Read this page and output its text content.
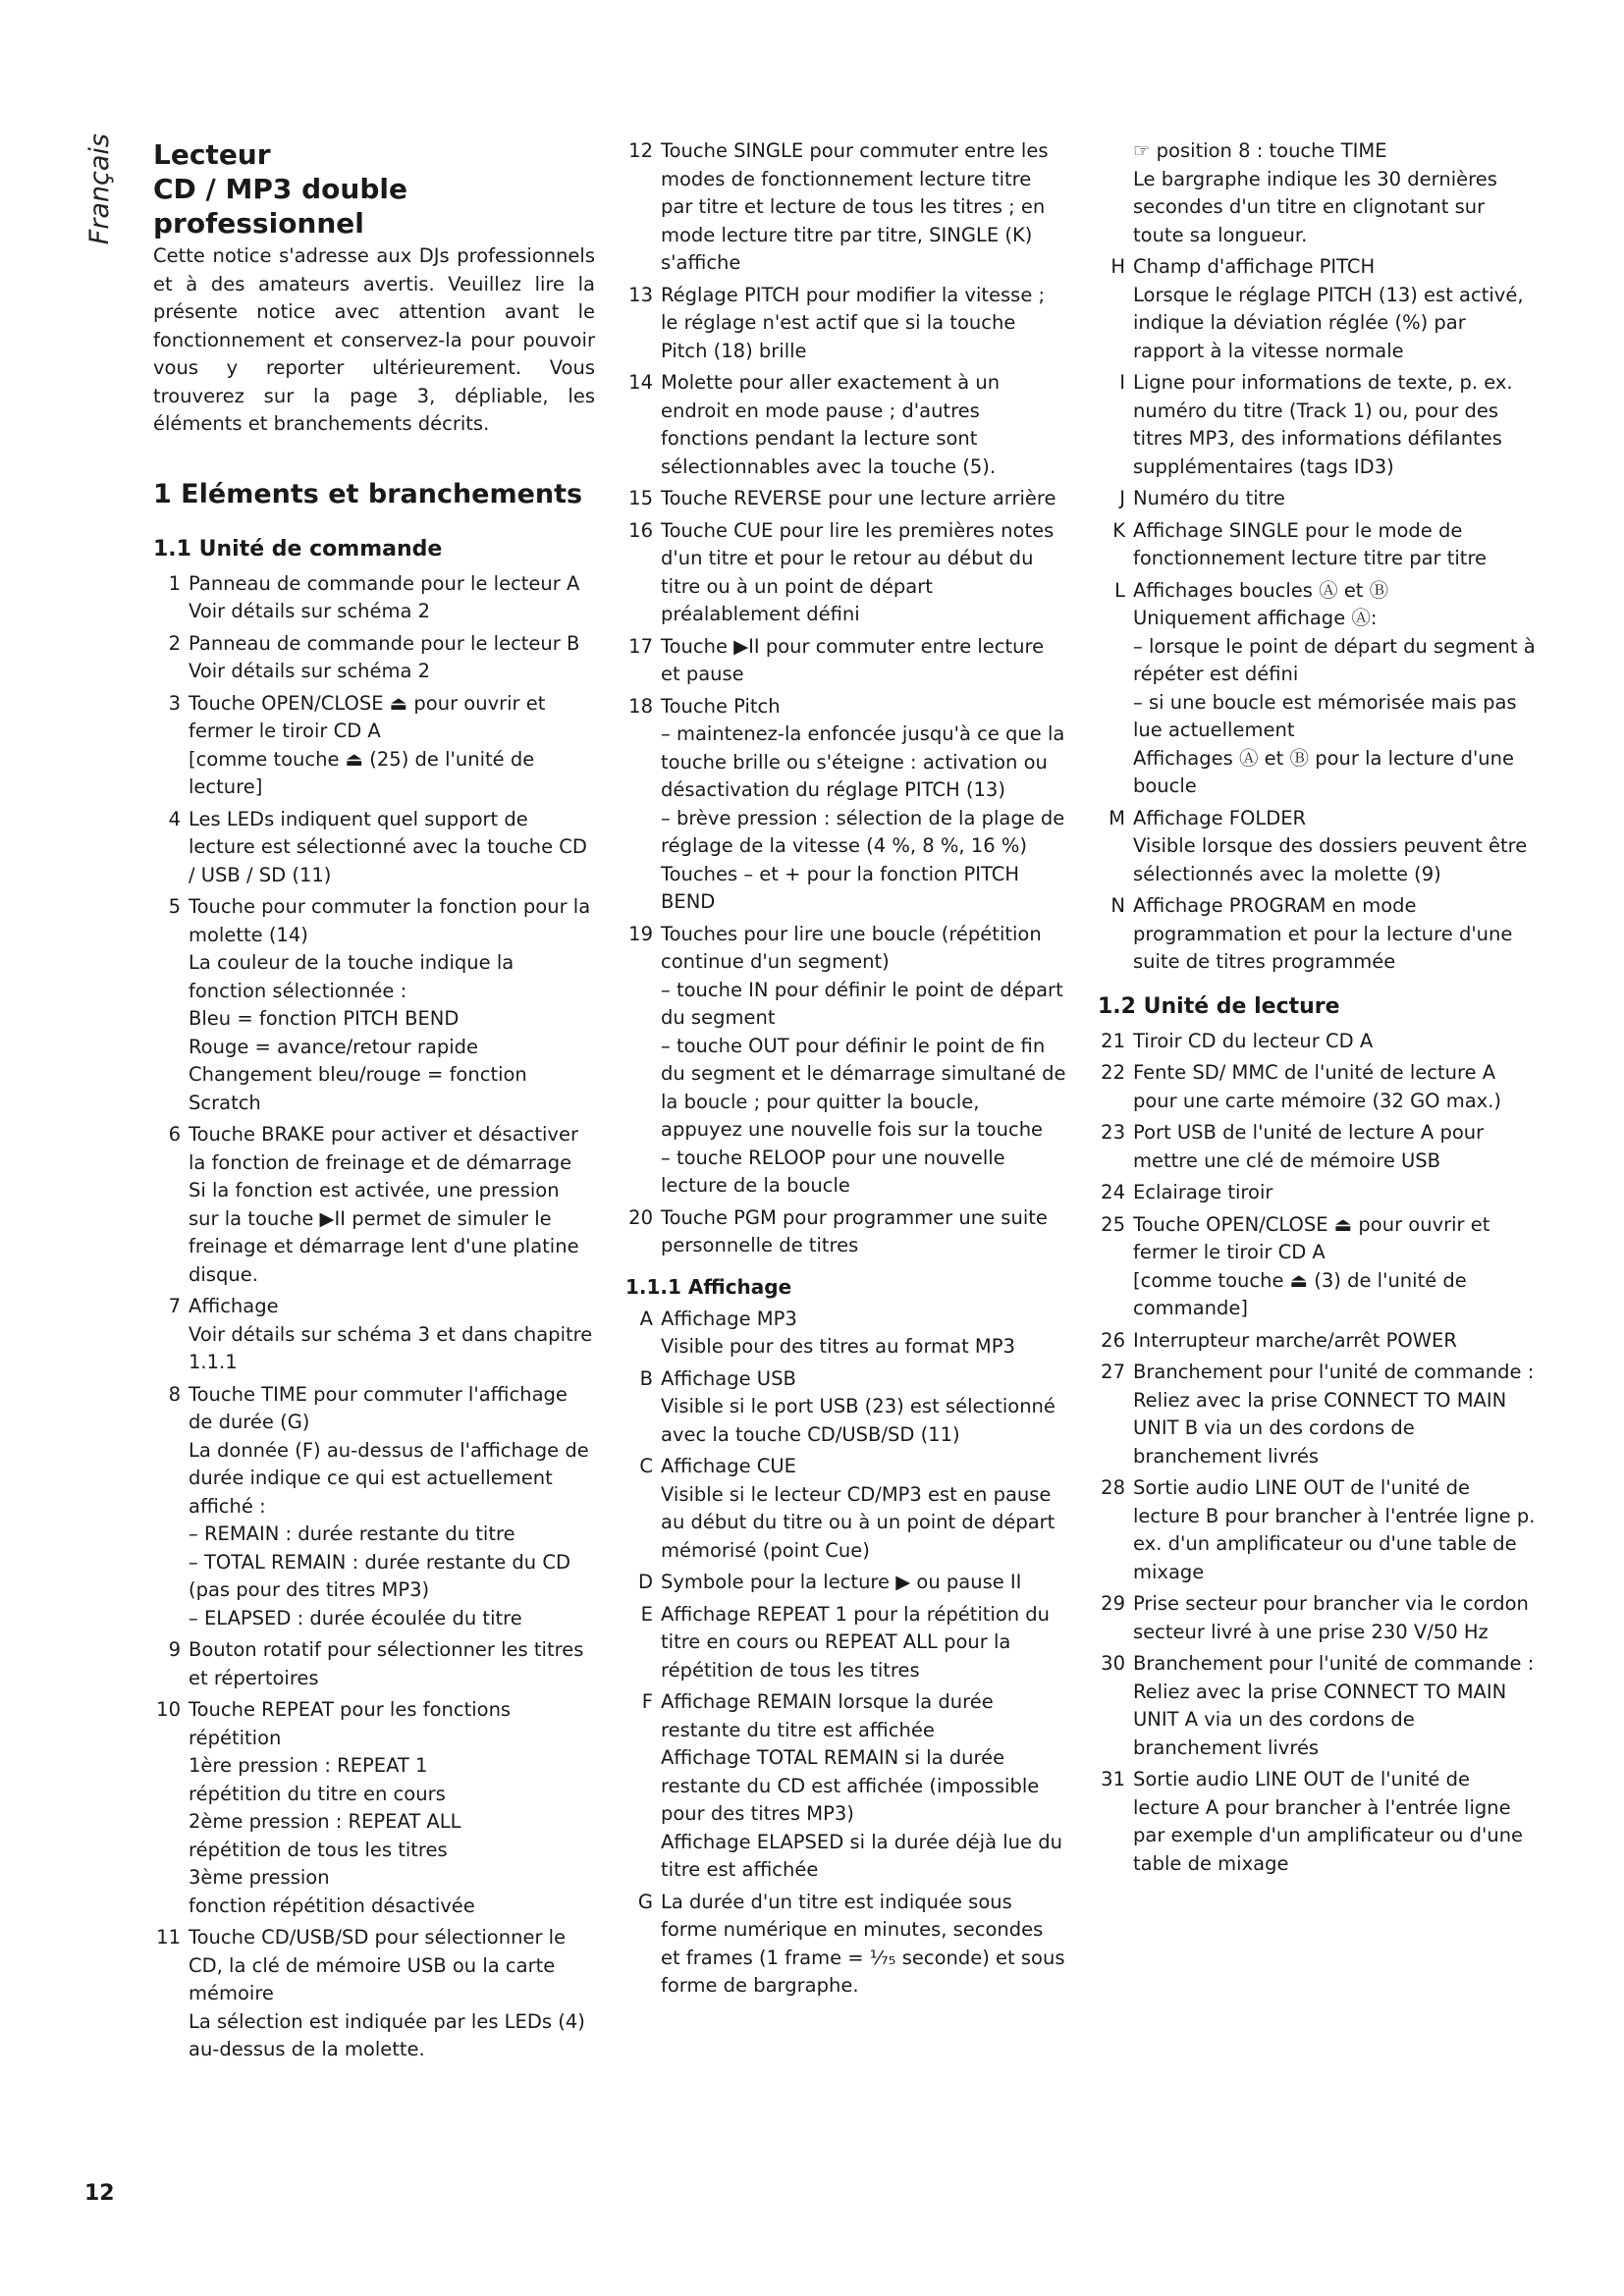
Français Lecteur
CD / MP3 double professionnel

Cette notice s'adresse aux DJs professionnels et à des amateurs avertis. Veuillez lire la présente notice avec attention avant le fonctionnement et conservez-la pour pouvoir vous y reporter ultérieurement. Vous trouverez sur la page 3, dépliable, les éléments et branchements décrits.

1 Eléments et branchements
1.1 Unité de commande
1 Panneau de commande pour le lecteur A
Voir détails sur schéma 2
2 Panneau de commande pour le lecteur B
Voir détails sur schéma 2
3 Touche OPEN/CLOSE ⏏ pour ouvrir et fermer le tiroir CD A
[comme touche ⏏ (25) de l'unité de lecture]
4 Les LEDs indiquent quel support de lecture est sélectionné avec la touche CD / USB / SD (11)
5 Touche pour commuter la fonction pour la molette (14)
La couleur de la touche indique la fonction sélectionnée :
Bleu = fonction PITCH BEND
Rouge = avance/retour rapide
Changement bleu/rouge = fonction Scratch
6 Touche BRAKE pour activer et désactiver la fonction de freinage et de démarrage
Si la fonction est activée, une pression sur la touche ▶II permet de simuler le freinage et démarrage lent d'une platine disque.
7 Affichage
Voir détails sur schéma 3 et dans chapitre 1.1.1
8 Touche TIME pour commuter l'affichage de durée (G)
La donnée (F) au-dessus de l'affichage de durée indique ce qui est actuellement affiché :
– REMAIN : durée restante du titre
– TOTAL REMAIN : durée restante du CD (pas pour des titres MP3)
– ELAPSED : durée écoulée du titre
9 Bouton rotatif pour sélectionner les titres et répertoires
10 Touche REPEAT pour les fonctions répétition
1ère pression : REPEAT 1
répétition du titre en cours
2ème pression : REPEAT ALL
répétition de tous les titres
3ème pression
fonction répétition désactivée
11 Touche CD/USB/SD pour sélectionner le CD, la clé de mémoire USB ou la carte mémoire
La sélection est indiquée par les LEDs (4) au-dessus de la molette.
12 Touche SINGLE pour commuter entre les modes de fonctionnement lecture titre par titre et lecture de tous les titres ; en mode lecture titre par titre, SINGLE (K) s'affiche
13 Réglage PITCH pour modifier la vitesse ; le réglage n'est actif que si la touche Pitch (18) brille
14 Molette pour aller exactement à un endroit en mode pause ; d'autres fonctions pendant la lecture sont sélectionnables avec la touche (5).
15 Touche REVERSE pour une lecture arrière
16 Touche CUE pour lire les premières notes d'un titre et pour le retour au début du titre ou à un point de départ préalablement défini
17 Touche ▶II pour commuter entre lecture et pause
18 Touche Pitch
– maintenez-la enfoncée jusqu'à ce que la touche brille ou s'éteigne : activation ou désactivation du réglage PITCH (13)
– brève pression : sélection de la plage de réglage de la vitesse (4 %, 8 %, 16 %)
Touches – et + pour la fonction PITCH BEND
19 Touches pour lire une boucle (répétition continue d'un segment)
– touche IN pour définir le point de départ du segment
– touche OUT pour définir le point de fin du segment et le démarrage simultané de la boucle ; pour quitter la boucle, appuyez une nouvelle fois sur la touche
– touche RELOOP pour une nouvelle lecture de la boucle
20 Touche PGM pour programmer une suite personnelle de titres
1.1.1 Affichage
A Affichage MP3
Visible pour des titres au format MP3
B Affichage USB
Visible si le port USB (23) est sélectionné avec la touche CD/USB/SD (11)
C Affichage CUE
Visible si le lecteur CD/MP3 est en pause au début du titre ou à un point de départ mémorisé (point Cue)
D Symbole pour la lecture ▶ ou pause II
E Affichage REPEAT 1 pour la répétition du titre en cours ou REPEAT ALL pour la répétition de tous les titres
F Affichage REMAIN lorsque la durée restante du titre est affichée
Affichage TOTAL REMAIN si la durée restante du CD est affichée (impossible pour des titres MP3)
Affichage ELAPSED si la durée déjà lue du titre est affichée
G La durée d'un titre est indiquée sous forme numérique en minutes, secondes et frames (1 frame = ¹⁄₇₅ seconde) et sous forme de bargraphe.
☞ position 8 : touche TIME
Le bargraphe indique les 30 dernières secondes d'un titre en clignotant sur toute sa longueur.
H Champ d'affichage PITCH
Lorsque le réglage PITCH (13) est activé, indique la déviation réglée (%) par rapport à la vitesse normale
I Ligne pour informations de texte, p. ex. numéro du titre (Track 1) ou, pour des titres MP3, des informations défilantes supplémentaires (tags ID3)
J Numéro du titre
K Affichage SINGLE pour le mode de fonctionnement lecture titre par titre
L Affichages boucles Ⓐ et Ⓑ
Uniquement affichage Ⓐ:
– lorsque le point de départ du segment à répéter est défini
– si une boucle est mémorisée mais pas lue actuellement
Affichages Ⓐ et Ⓑ pour la lecture d'une boucle
M Affichage FOLDER
Visible lorsque des dossiers peuvent être sélectionnés avec la molette (9)
N Affichage PROGRAM en mode programmation et pour la lecture d'une suite de titres programmée
1.2 Unité de lecture
21 Tiroir CD du lecteur CD A
22 Fente SD/ MMC de l'unité de lecture A pour une carte mémoire (32 GO max.)
23 Port USB de l'unité de lecture A pour mettre une clé de mémoire USB
24 Eclairage tiroir
25 Touche OPEN/CLOSE ⏏ pour ouvrir et fermer le tiroir CD A
[comme touche ⏏ (3) de l'unité de commande]
26 Interrupteur marche/arrêt POWER
27 Branchement pour l'unité de commande : Reliez avec la prise CONNECT TO MAIN UNIT B via un des cordons de branchement livrés
28 Sortie audio LINE OUT de l'unité de lecture B pour brancher à l'entrée ligne p. ex. d'un amplificateur ou d'une table de mixage
29 Prise secteur pour brancher via le cordon secteur livré à une prise 230 V/50 Hz
30 Branchement pour l'unité de commande : Reliez avec la prise CONNECT TO MAIN UNIT A via un des cordons de branchement livrés
31 Sortie audio LINE OUT de l'unité de lecture A pour brancher à l'entrée ligne par exemple d'un amplificateur ou d'une table de mixage
12
